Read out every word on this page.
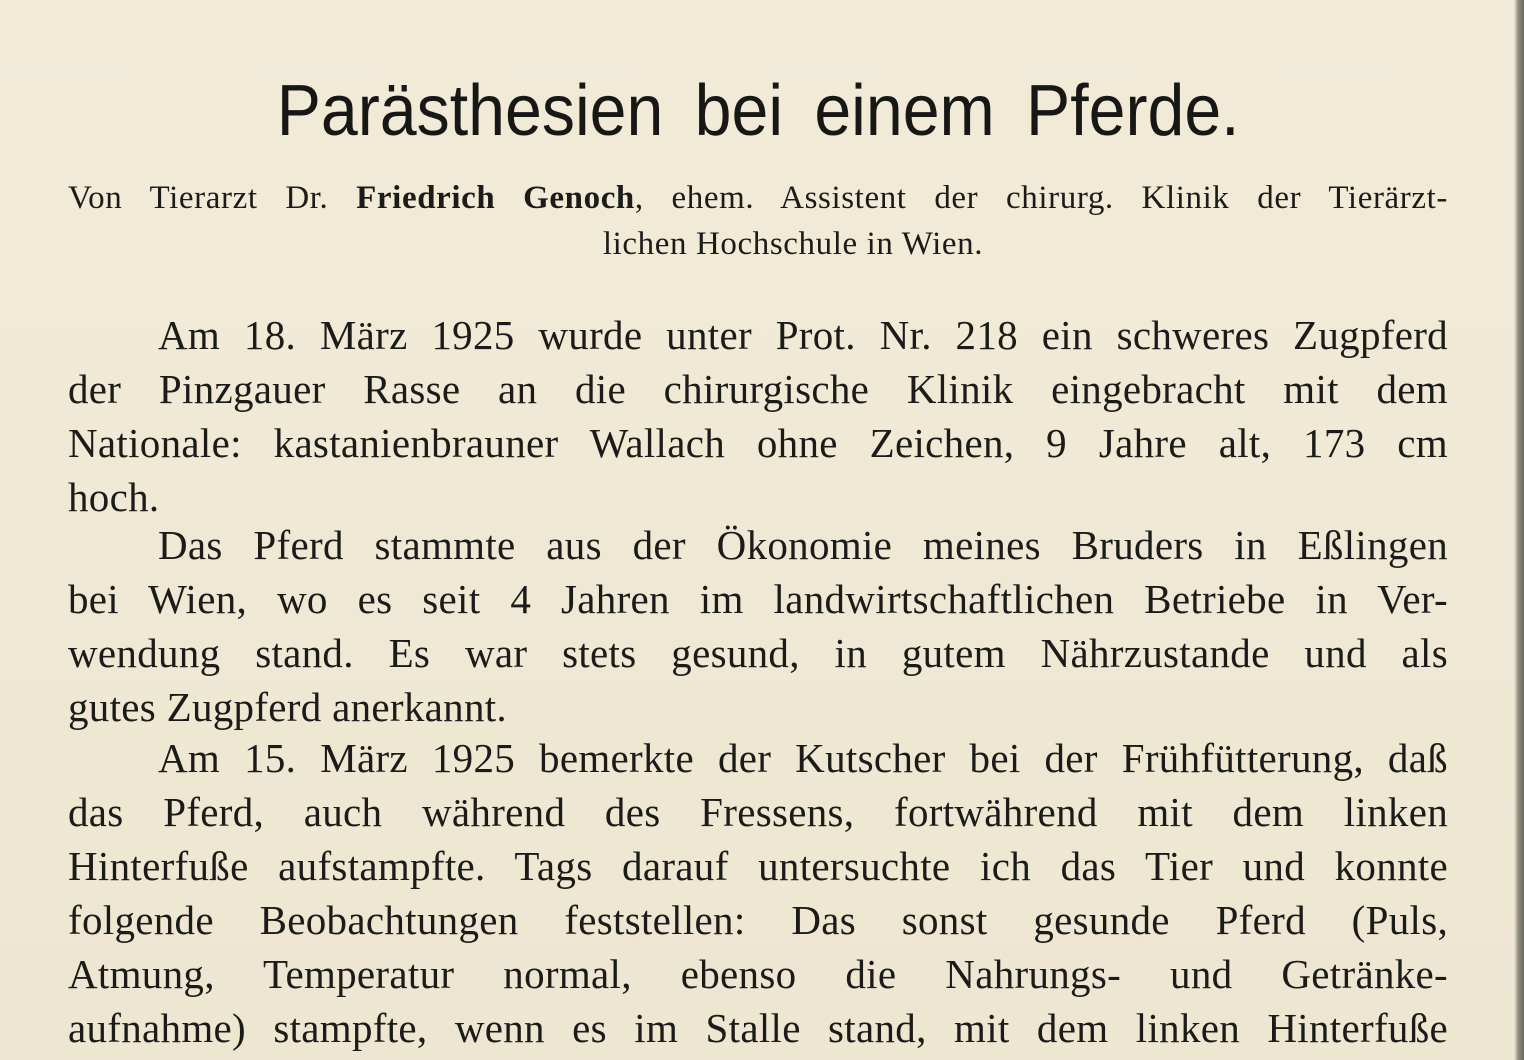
Parästhesien bei einem Pferde.
Von Tierarzt Dr. Friedrich Genoch, ehem. Assistent der chirurg. Klinik der Tierärzt-
lichen Hochschule in Wien.
Am 18. März 1925 wurde unter Prot. Nr. 218 ein schweres Zugpferd
der Pinzgauer Rasse an die chirurgische Klinik eingebracht mit dem
Nationale: kastanienbrauner Wallach ohne Zeichen, 9 Jahre alt, 173 cm
hoch.
Das Pferd stammte aus der Ökonomie meines Bruders in Eßlingen
bei Wien, wo es seit 4 Jahren im landwirtschaftlichen Betriebe in Ver-
wendung stand. Es war stets gesund, in gutem Nährzustande und als
gutes Zugpferd anerkannt.
Am 15. März 1925 bemerkte der Kutscher bei der Frühfütterung, daß
das Pferd, auch während des Fressens, fortwährend mit dem linken
Hinterfuße aufstampfte. Tags darauf untersuchte ich das Tier und konnte
folgende Beobachtungen feststellen: Das sonst gesunde Pferd (Puls,
Atmung, Temperatur normal, ebenso die Nahrungs- und Getränke-
aufnahme) stampfte, wenn es im Stalle stand, mit dem linken Hinterfuße
